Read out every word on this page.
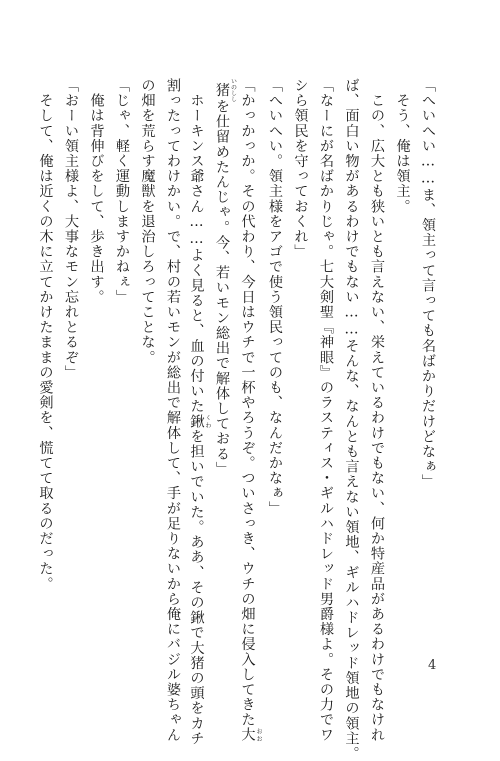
「へいへい……ま、領主って言っても名ばかりだけどなぁ」
　そう、俺は領主。
　この、広大とも狭いとも言えない、栄えているわけでもない、何か特産品があるわけでもなけれ
ば、面白い物があるわけでもない……そんな、なんとも言えない領地、ギルハドレッド領地の領主。
「なーにが名ばかりじゃ。七大剣聖『神眼』のラスティス・ギルハドレッド男爵様よ。その力でワ
シら領民を守っておくれ」
「へいへい。領主様をアゴで使う領民ってのも、なんだかなぁ」
「かっかっか。その代わり、今日はウチで一杯やろうぞ。ついさっき、ウチの畑に侵入してきた大 おお
猪 いのししを仕留めたんじゃ。今、若いモン総出で解体しておる」
　ホーキンス爺さん……よく見ると、血の付いた鍬 くわを担いでいた。ああ、その鍬で大猪の頭をカチ
割ったってわけかい。で、村の若いモンが総出で解体して、手が足りないから俺にバジル婆ちゃん
の畑を荒らす魔獣を退治しろってことな。
「じゃ、軽く運動しますかねぇ」
　俺は背伸びをして、歩き出す。
「おーい領主様よ、大事なモン忘れとるぞ」
　そして、俺は近くの木に立てかけたままの愛剣を、慌てて取るのだった。
4
